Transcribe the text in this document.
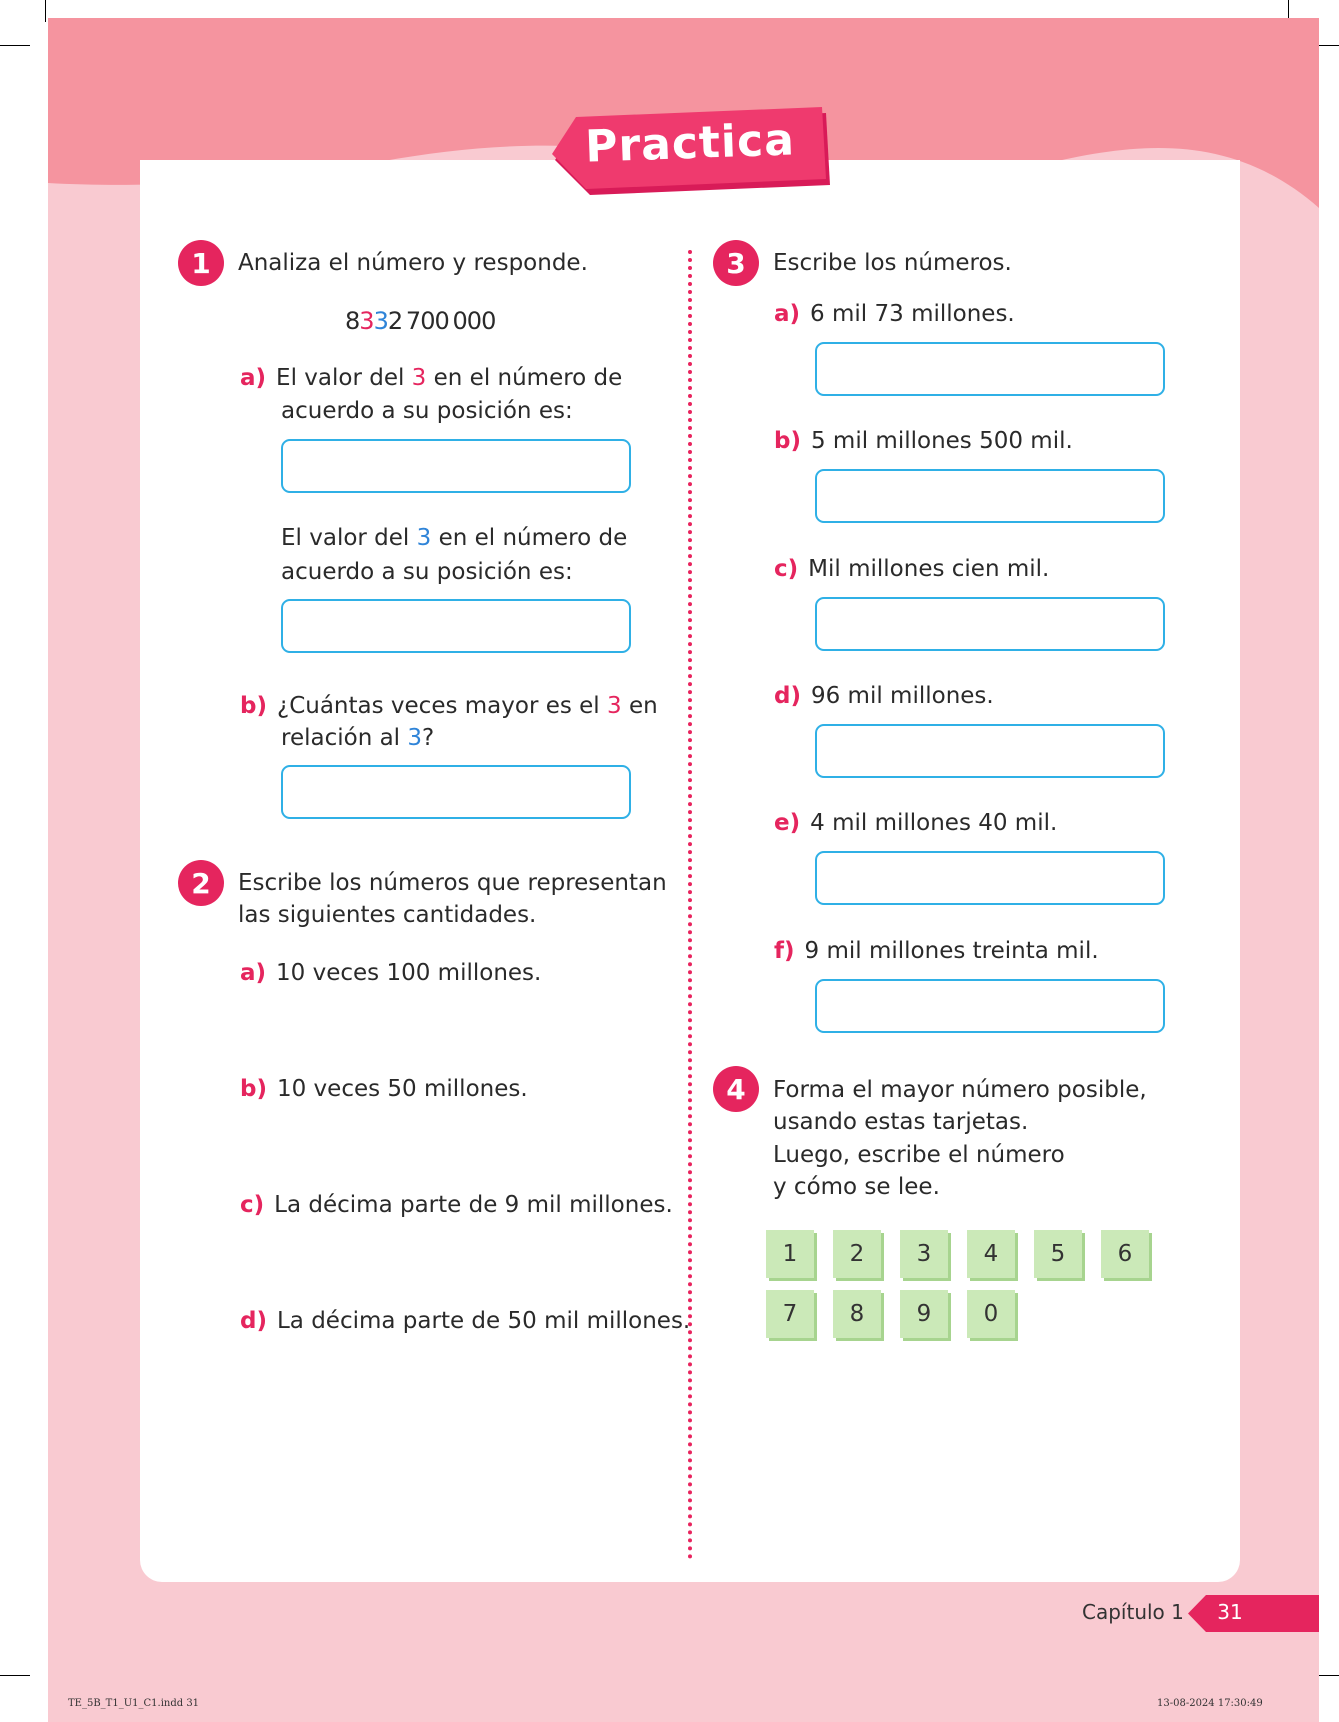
Practica
1	Analiza el número y responde.
8332  700  000
a) El valor del 3 en el número de
acuerdo a su posición es:
El valor del 3 en el número de
acuerdo a su posición es:
b) ¿Cuántas veces mayor es el 3 en
relación al 3?
2	Escribe los números que representan
las siguientes cantidades.
a) 10 veces 100 millones.
b) 10 veces 50 millones.
c) La décima parte de 9 mil millones.
d) La décima parte de 50 mil millones.
3	Escribe los números.
a) 6 mil 73 millones.
b) 5 mil millones 500 mil.
c) Mil millones cien mil.
d) 96 mil millones.
e) 4 mil millones 40 mil.
f) 9 mil millones treinta mil.
4	Forma el mayor número posible,
usando estas tarjetas.
Luego, escribe el número
y cómo se lee.
1	2	3	4	5	6
7	8	9	0
Capítulo 1	31
TE_5B_T1_U1_C1.indd 31	13-08-2024 17:30:49
